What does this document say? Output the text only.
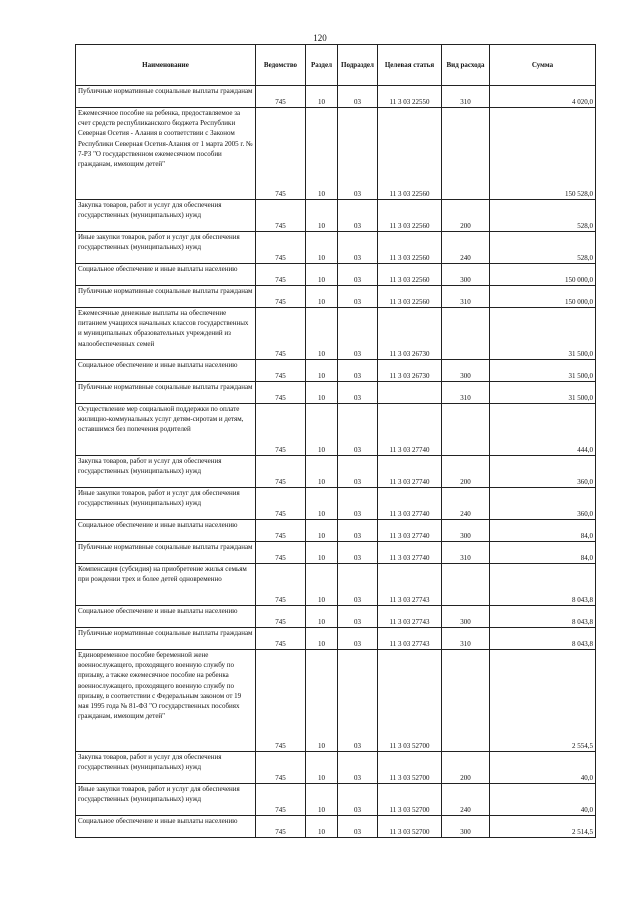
120
Наименование	Ведомство	Раздел	Подраздел	Целевая статья	Вид расхода	Сумма
Публичные нормативные социальные выплаты гражданам	745	10	03	11 3 03 22550	310	4 020,0
Ежемесячное пособие на ребенка, предоставляемое за счет средств республиканского бюджета Республики Северная Осетия - Алания в соответствии с Законом Республики Северная Осетия-Алания от 1 марта 2005 г. № 7-РЗ "О государственном ежемесячном пособии гражданам, имеющим детей"	745	10	03	11 3 03 22560		150 528,0
Закупка товаров, работ и услуг для обеспечения государственных (муниципальных) нужд	745	10	03	11 3 03 22560	200	528,0
Иные закупки товаров, работ и услуг для обеспечения государственных (муниципальных) нужд	745	10	03	11 3 03 22560	240	528,0
Социальное обеспечение и иные выплаты населению	745	10	03	11 3 03 22560	300	150 000,0
Публичные нормативные социальные выплаты гражданам	745	10	03	11 3 03 22560	310	150 000,0
Ежемесячные денежные выплаты на обеспечение питанием учащихся начальных классов государственных и муниципальных образовательных учреждений из малообеспеченных семей	745	10	03	11 3 03 26730		31 500,0
Социальное обеспечение и иные выплаты населению	745	10	03	11 3 03 26730	300	31 500,0
Публичные нормативные социальные выплаты гражданам	745	10	03		310	31 500,0
Осуществление мер социальной поддержки по оплате жилищно-коммунальных услуг детям-сиротам и детям, оставшимся без попечения родителей	745	10	03	11 3 03 27740		444,0
Закупка товаров, работ и услуг для обеспечения государственных (муниципальных) нужд	745	10	03	11 3 03 27740	200	360,0
Иные закупки товаров, работ и услуг для обеспечения государственных (муниципальных) нужд	745	10	03	11 3 03 27740	240	360,0
Социальное обеспечение и иные выплаты населению	745	10	03	11 3 03 27740	300	84,0
Публичные нормативные социальные выплаты гражданам	745	10	03	11 3 03 27740	310	84,0
Компенсация (субсидия) на приобретение жилья семьям при рождении трех и более детей одновременно	745	10	03	11 3 03 27743		8 043,8
Социальное обеспечение и иные выплаты населению	745	10	03	11 3 03 27743	300	8 043,8
Публичные нормативные социальные выплаты гражданам	745	10	03	11 3 03 27743	310	8 043,8
Единовременное пособие беременной жене военнослужащего, проходящего военную службу по призыву, а также ежемесячное пособие на ребенка военнослужащего, проходящего военную службу по призыву, в соответствии с Федеральным законом от 19 мая 1995 года № 81-ФЗ "О государственных пособиях гражданам, имеющим детей"	745	10	03	11 3 03 52700		2 554,5
Закупка товаров, работ и услуг для обеспечения государственных (муниципальных) нужд	745	10	03	11 3 03 52700	200	40,0
Иные закупки товаров, работ и услуг для обеспечения государственных (муниципальных) нужд	745	10	03	11 3 03 52700	240	40,0
Социальное обеспечение и иные выплаты населению	745	10	03	11 3 03 52700	300	2 514,5
